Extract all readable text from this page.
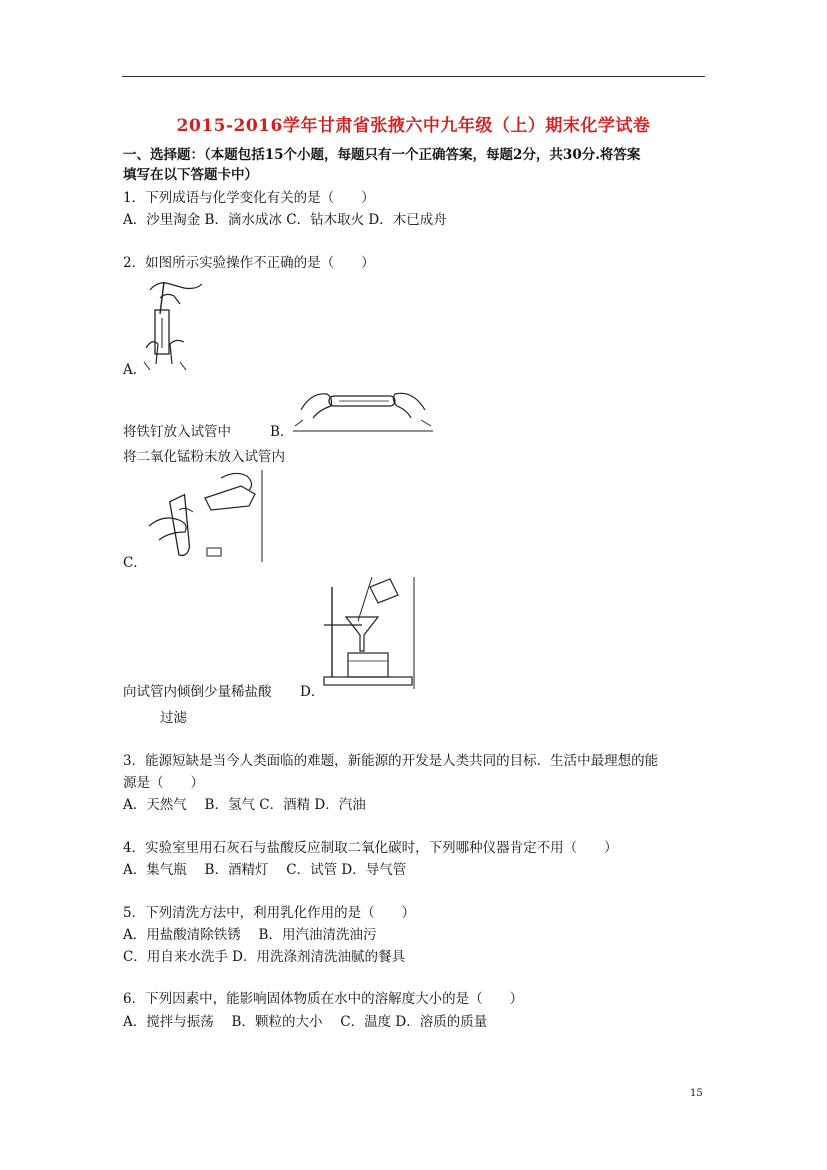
2015-2016学年甘肃省张掖六中九年级（上）期末化学试卷
一、选择题：（本题包括15个小题，每题只有一个正确答案，每题2分，共30分.将答案
填写在以下答题卡中）
1．下列成语与化学变化有关的是（　　）
A．沙里淘金 B．滴水成冰 C．钻木取火 D．木已成舟
2．如图所示实验操作不正确的是（　　）
A．
将铁钉放入试管中	B．
将二氧化锰粉末放入试管内
C．
向试管内倾倒少量稀盐酸 D．
过滤
3．能源短缺是当今人类面临的难题，新能源的开发是人类共同的目标．生活中最理想的能
源是（　　）
A．天然气　 B．氢气 C．酒精 D．汽油
4．实验室里用石灰石与盐酸反应制取二氧化碳时，下列哪种仪器肯定不用（　　）
A．集气瓶　 B．酒精灯　 C．试管 D．导气管
5．下列清洗方法中，利用乳化作用的是（　　）
A．用盐酸清除铁锈　 B．用汽油清洗油污
C．用自来水洗手 D．用洗涤剂清洗油腻的餐具
6．下列因素中，能影响固体物质在水中的溶解度大小的是（　　）
A．搅拌与振荡　 B．颗粒的大小　 C．温度 D．溶质的质量
15
